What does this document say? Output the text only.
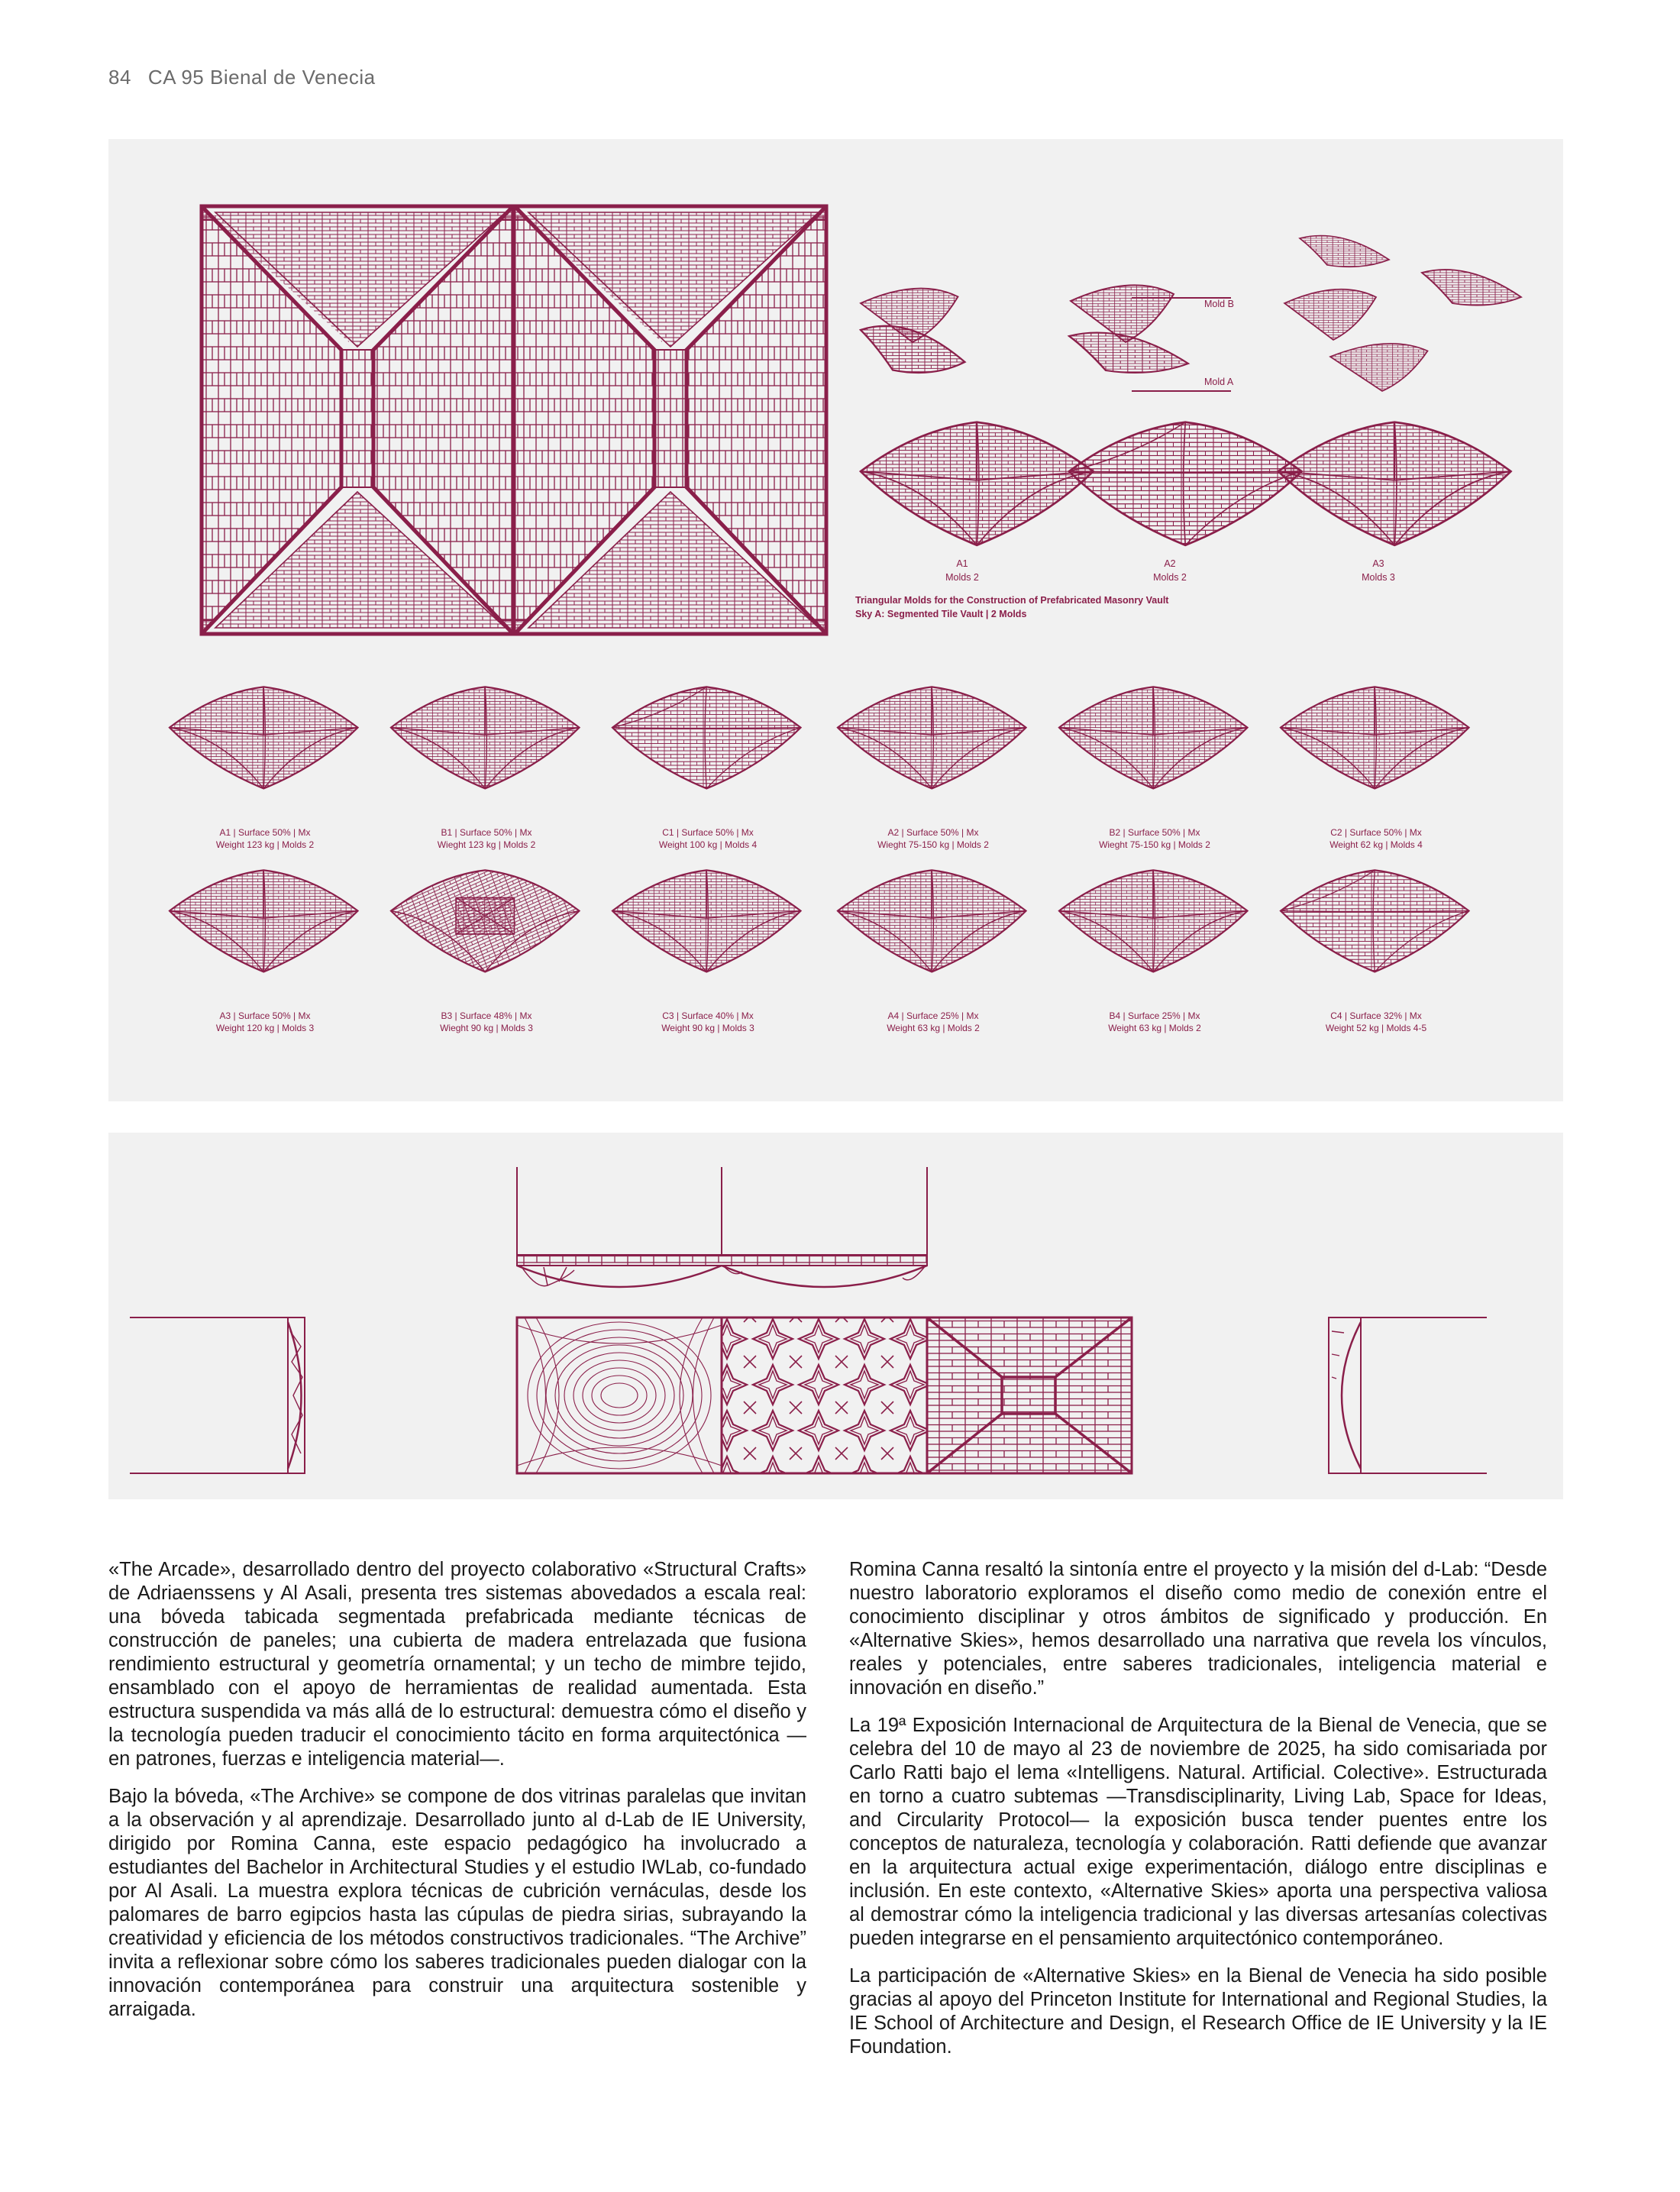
84 CA 95 Bienal de Venecia
Mold B
Mold A
A1
Molds 2
A2
Molds 2
A3
Molds 3
Triangular Molds for the Construction of Prefabricated Masonry Vault
Sky A: Segmented Tile Vault | 2 Molds
A1 | Surface 50% | Mx
Weight 123 kg | Molds 2
B1 | Surface 50% | Mx
Wieght 123 kg | Molds 2
C1 | Surface 50% | Mx
Weight 100 kg | Molds 4
A2 | Surface 50% | Mx
Wieght 75-150 kg | Molds 2
B2 | Surface 50% | Mx
Wieght 75-150 kg | Molds 2
C2 | Surface 50% | Mx
Weight 62 kg | Molds 4
A3 | Surface 50% | Mx
Weight 120 kg | Molds 3
B3 | Surface 48% | Mx
Wieght 90 kg | Molds 3
C3 | Surface 40% | Mx
Weight 90 kg | Molds 3
A4 | Surface 25% | Mx
Weight 63 kg | Molds 2
B4 | Surface 25% | Mx
Weight 63 kg | Molds 2
C4 | Surface 32% | Mx
Weight 52 kg | Molds 4-5

«The Arcade», desarrollado dentro del proyecto colaborativo «Structural Crafts» de Adriaenssens y Al Asali, presenta tres sistemas abovedados a escala real: una bóveda tabicada segmentada prefabricada mediante técnicas de construcción de paneles; una cubierta de madera entrelazada que fusiona rendimiento estructural y geometría ornamental; y un techo de mimbre tejido, ensamblado con el apoyo de herramientas de realidad aumentada. Esta estructura suspendida va más allá de lo estructural: demuestra cómo el diseño y la tecnología pueden traducir el conocimiento tácito en forma arquitectónica —en patrones, fuerzas e inteligencia material—.

Bajo la bóveda, «The Archive» se compone de dos vitrinas paralelas que invitan a la observación y al aprendizaje. Desarrollado junto al d-Lab de IE University, dirigido por Romina Canna, este espacio pedagógico ha involucrado a estudiantes del Bachelor in Architectural Studies y el estudio IWLab, co-fundado por Al Asali. La muestra explora técnicas de cubrición vernáculas, desde los palomares de barro egipcios hasta las cúpulas de piedra sirias, subrayando la creatividad y eficiencia de los métodos constructivos tradicionales. “The Archive” invita a reflexionar sobre cómo los saberes tradicionales pueden dialogar con la innovación contemporánea para construir una arquitectura sostenible y arraigada.

Romina Canna resaltó la sintonía entre el proyecto y la misión del d-Lab: “Desde nuestro laboratorio exploramos el diseño como medio de conexión entre el conocimiento disciplinar y otros ámbitos de significado y producción. En «Alternative Skies», hemos desarrollado una narrativa que revela los vínculos, reales y potenciales, entre saberes tradicionales, inteligencia material e innovación en diseño.”

La 19ª Exposición Internacional de Arquitectura de la Bienal de Venecia, que se celebra del 10 de mayo al 23 de noviembre de 2025, ha sido comisariada por Carlo Ratti bajo el lema «Intelligens. Natural. Artificial. Colective». Estructurada en torno a cuatro subtemas —Transdisciplinarity, Living Lab, Space for Ideas, and Circularity Protocol— la exposición busca tender puentes entre los conceptos de naturaleza, tecnología y colaboración. Ratti defiende que avanzar en la arquitectura actual exige experimentación, diálogo entre disciplinas e inclusión. En este contexto, «Alternative Skies» aporta una perspectiva valiosa al demostrar cómo la inteligencia tradicional y las diversas artesanías colectivas pueden integrarse en el pensamiento arquitectónico contemporáneo.

La participación de «Alternative Skies» en la Bienal de Venecia ha sido posible gracias al apoyo del Princeton Institute for International and Regional Studies, la IE School of Architecture and Design, el Research Office de IE University y la IE Foundation.
